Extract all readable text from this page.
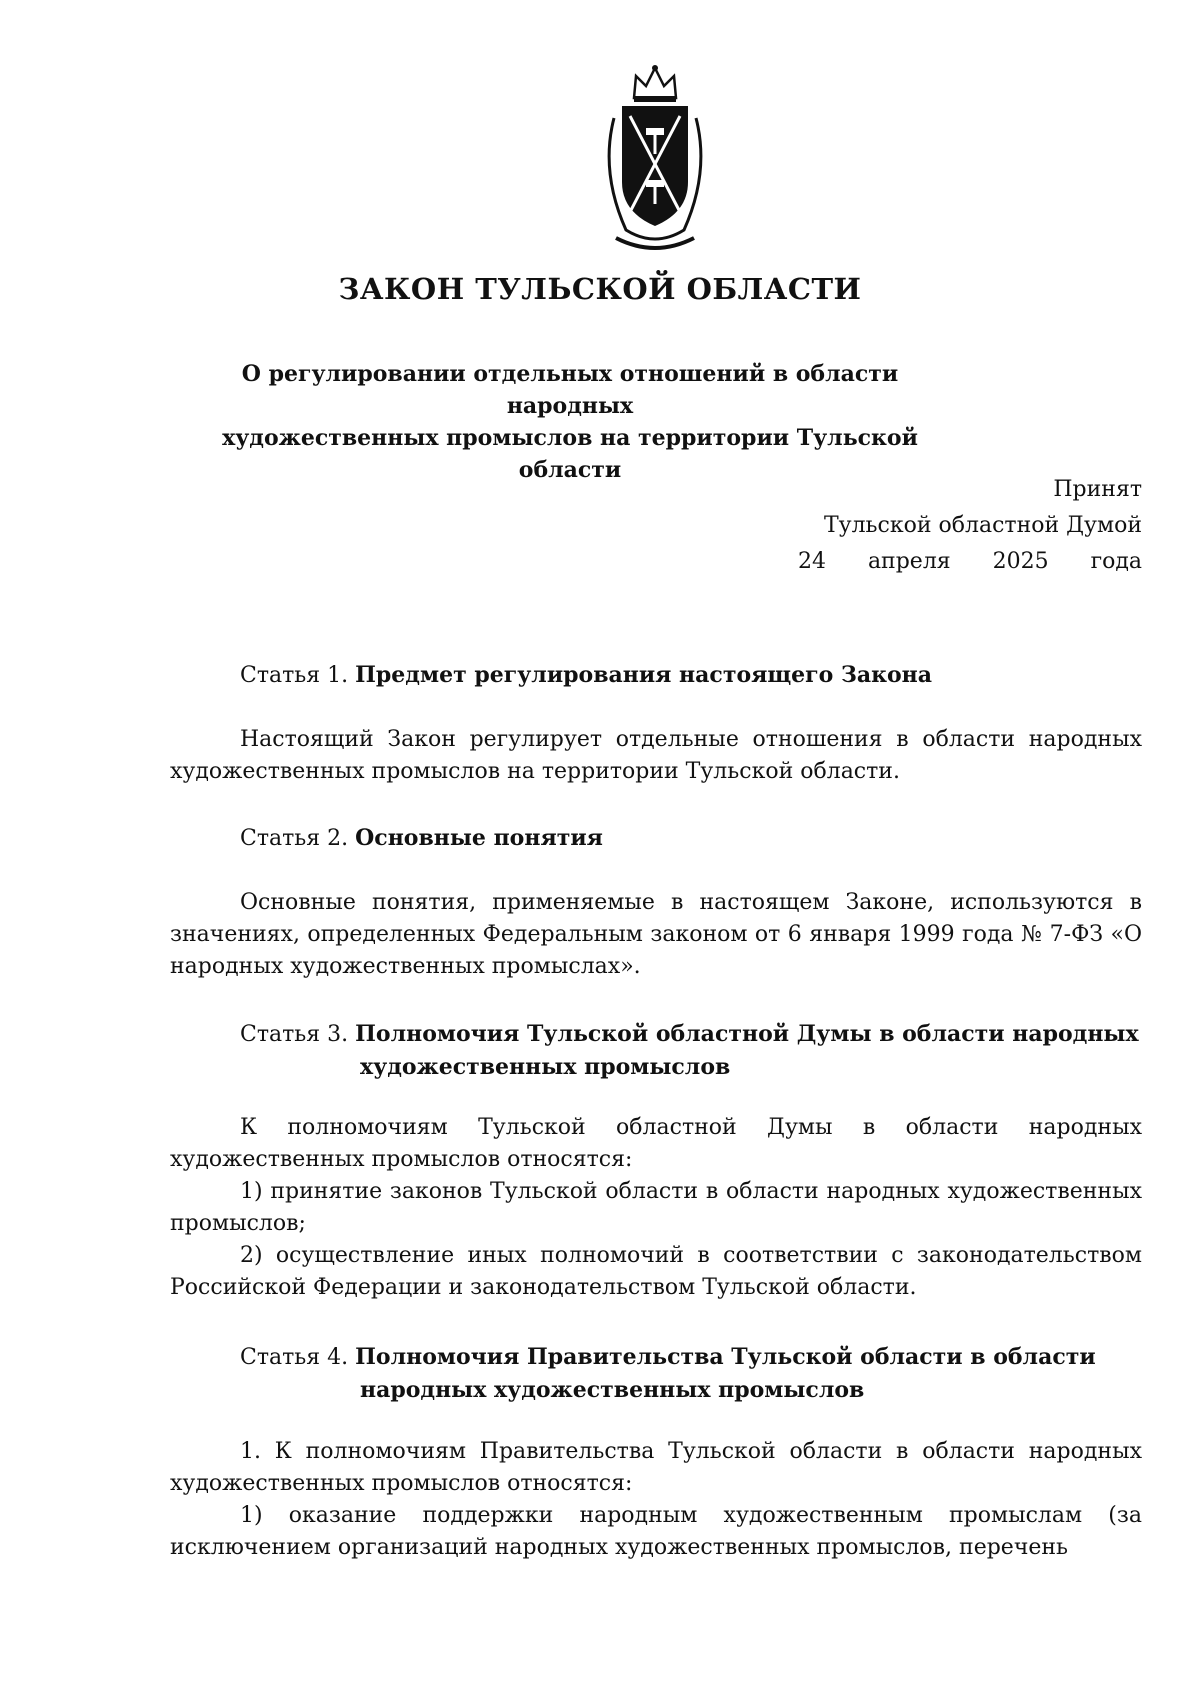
ЗАКОН ТУЛЬСКОЙ ОБЛАСТИ
О регулировании отдельных отношений в области народных
художественных промыслов на территории Тульской области
Принят
Тульской областной Думой
24 апреля 2025 года
Статья 1. Предмет регулирования настоящего Закона

Настоящий Закон регулирует отдельные отношения в области народных художественных промыслов на территории Тульской области.

Статья 2. Основные понятия

Основные понятия, применяемые в настоящем Законе, используются в значениях, определенных Федеральным законом от 6 января 1999 года № 7-ФЗ «О народных художественных промыслах».

Статья 3. Полномочия Тульской областной Думы в области народных
художественных промыслов

К полномочиям Тульской областной Думы в области народных художественных промыслов относятся:

1) принятие законов Тульской области в области народных художественных промыслов;

2) осуществление иных полномочий в соответствии с законодательством Российской Федерации и законодательством Тульской области.

Статья 4. Полномочия Правительства Тульской области в области
народных художественных промыслов

1. К полномочиям Правительства Тульской области в области народных художественных промыслов относятся:

1) оказание поддержки народным художественным промыслам (за исключением организаций народных художественных промыслов, перечень
